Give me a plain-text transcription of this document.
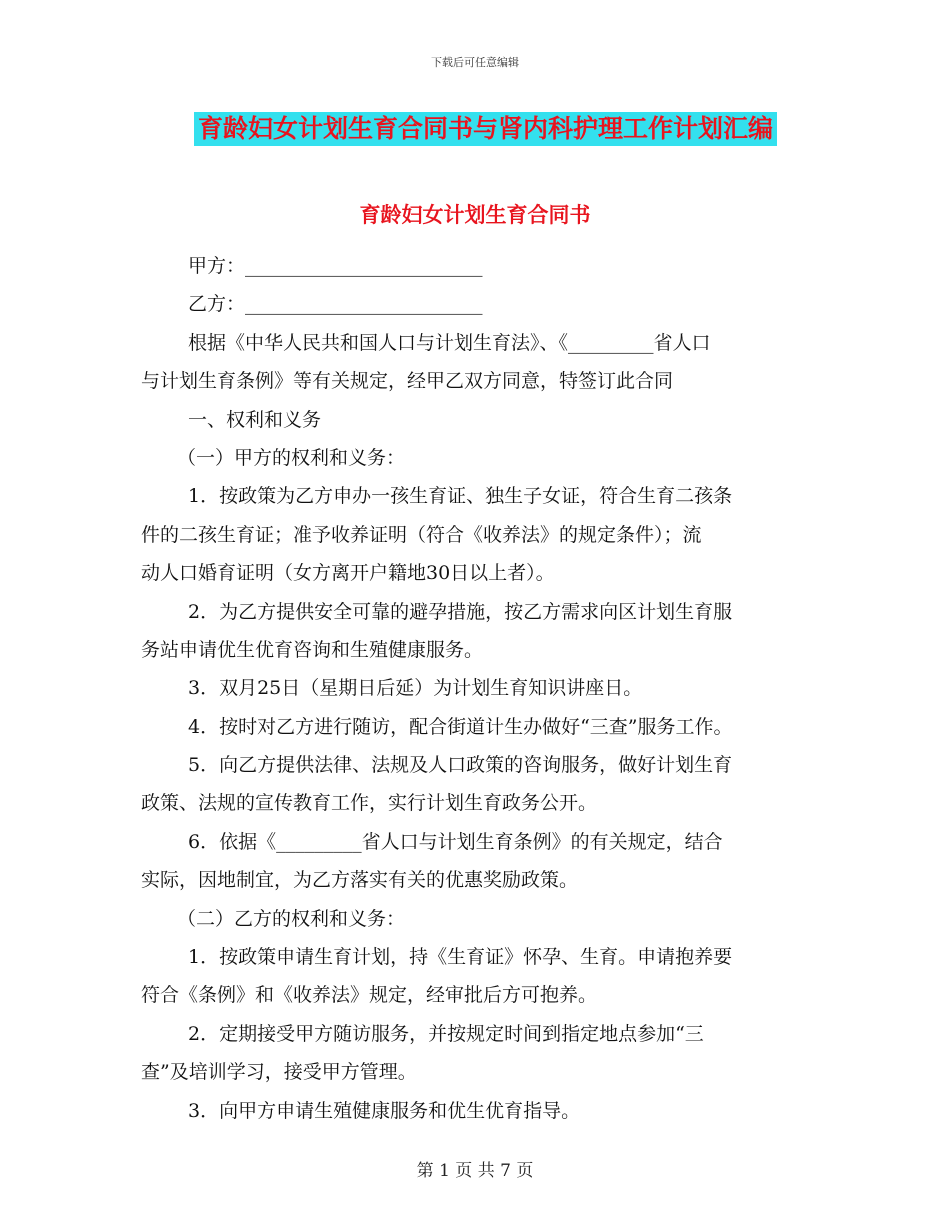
下载后可任意编辑
育龄妇女计划生育合同书与肾内科护理工作计划汇编
育龄妇女计划生育合同书
甲方：_________________________
乙方：_________________________
根据《中华人民共和国人口与计划生育法》、《_________省人口
与计划生育条例》等有关规定，经甲乙双方同意，特签订此合同
一、权利和义务
（一）甲方的权利和义务：
1．按政策为乙方申办一孩生育证、独生子女证，符合生育二孩条
件的二孩生育证；准予收养证明（符合《收养法》的规定条件）；流
动人口婚育证明（女方离开户籍地30日以上者）。
2．为乙方提供安全可靠的避孕措施，按乙方需求向区计划生育服
务站申请优生优育咨询和生殖健康服务。
3．双月25日（星期日后延）为计划生育知识讲座日。
4．按时对乙方进行随访，配合街道计生办做好“三查”服务工作。
5．向乙方提供法律、法规及人口政策的咨询服务，做好计划生育
政策、法规的宣传教育工作，实行计划生育政务公开。
6．依据《_________省人口与计划生育条例》的有关规定，结合
实际，因地制宜，为乙方落实有关的优惠奖励政策。
（二）乙方的权利和义务：
1．按政策申请生育计划，持《生育证》怀孕、生育。申请抱养要
符合《条例》和《收养法》规定，经审批后方可抱养。
2．定期接受甲方随访服务，并按规定时间到指定地点参加“三
查”及培训学习，接受甲方管理。
3．向甲方申请生殖健康服务和优生优育指导。
第 1 页 共 7 页
